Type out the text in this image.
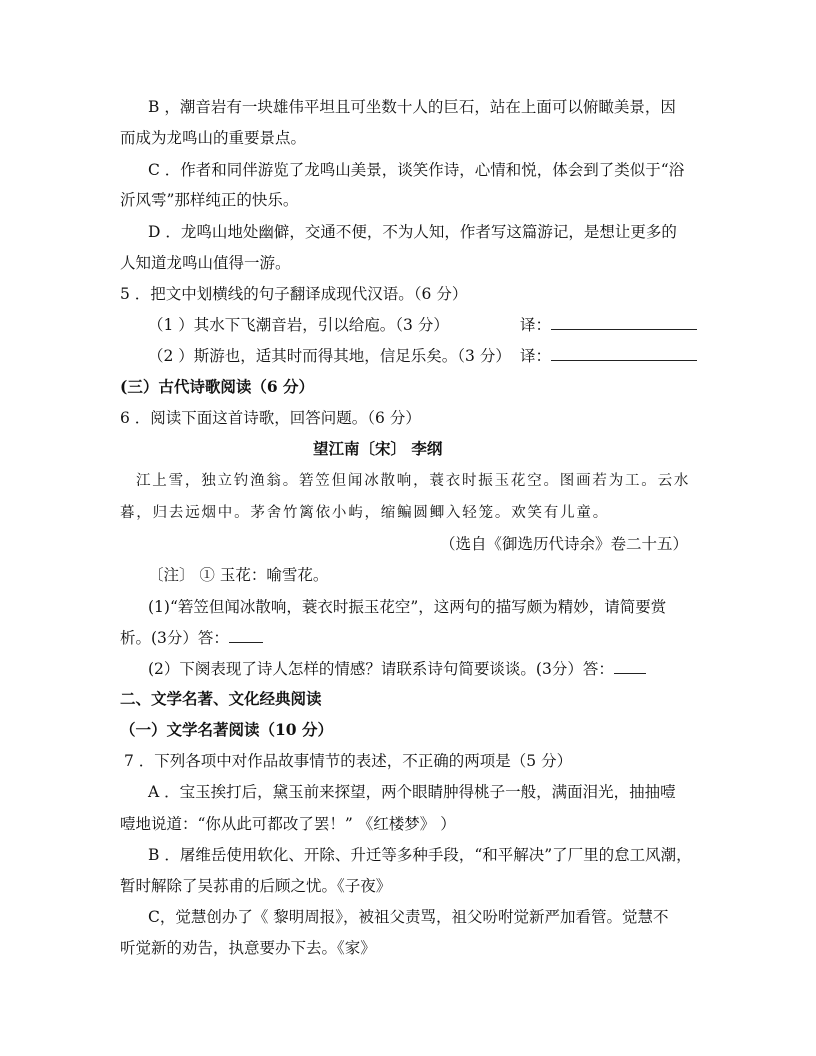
B ，潮音岩有一块雄伟平坦且可坐数十人的巨石，站在上面可以俯瞰美景，因
而成为龙鸣山的重要景点。
C ．作者和同伴游览了龙鸣山美景，谈笑作诗，心情和悦，体会到了类似于“浴
沂风雩”那样纯正的快乐。
D ．龙鸣山地处幽僻，交通不便，不为人知，作者写这篇游记，是想让更多的
人知道龙鸣山值得一游。
5 ．把文中划横线的句子翻译成现代汉语。（6 分）
（1 ）其水下飞潮音岩，引以给庖。（3 分）	译：
（2 ）斯游也，适其时而得其地，信足乐矣。（3 分） 译：
(三）古代诗歌阅读（6 分）
6 ．阅读下面这首诗歌，回答问题。（6 分）
望江南〔宋〕 李纲
江上雪，独立钓渔翁。箬笠但闻冰散响，蓑衣时振玉花空。图画若为工。云水
暮，归去远烟中。茅舍竹篱依小屿，缩鳊圆鲫入轻笼。欢笑有儿童。
（选自《御选历代诗余》卷二十五）
〔注〕 ① 玉花：喻雪花。
(1)“箬笠但闻冰散响，蓑衣时振玉花空”，这两句的描写颇为精妙，请简要赏
析。(3分）答：
(2）下阕表现了诗人怎样的情感？请联系诗句简要谈谈。(3分）答：
二、文学名著、文化经典阅读
（一）文学名著阅读（10 分）
7 ．下列各项中对作品故事情节的表述，不正确的两项是（5 分）
A ．宝玉挨打后，黛玉前来探望，两个眼睛肿得桃子一般，满面泪光，抽抽噎
噎地说道：“你从此可都改了罢！” 《红楼梦》 ）
B ．屠维岳使用软化、开除、升迁等多种手段，“和平解决”了厂里的怠工风潮，
暂时解除了吴荪甫的后顾之忧。《子夜》
C，觉慧创办了《 黎明周报》，被祖父责骂，祖父吩咐觉新严加看管。觉慧不
听觉新的劝告，执意要办下去。《家》
